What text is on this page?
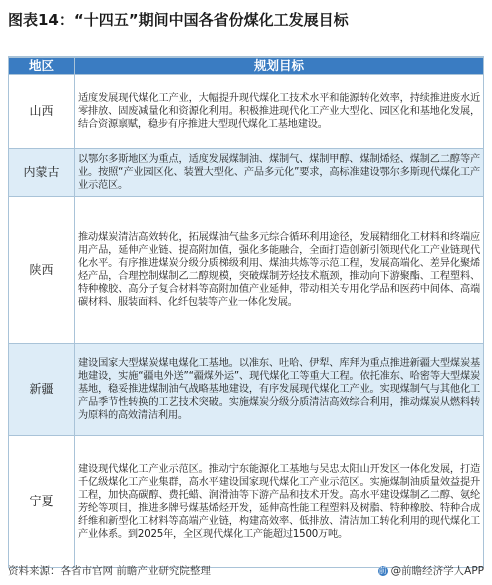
图表14：“十四五”期间中国各省份煤化工发展目标
地区	规划目标
山西	适度发展现代煤化工产业，大幅提升现代煤化工技术水平和能源转化效率，持续推进废水近零排放、固废减量化和资源化利用。积极推进现代化工产业大型化、园区化和基地化发展，结合资源禀赋，稳步有序推进大型现代煤化工基地建设。
内蒙古	以鄂尔多斯地区为重点，适度发展煤制油、煤制气、煤制甲醇、煤制烯烃、煤制乙二醇等产业。按照“产业园区化、装置大型化、产品多元化”要求，高标准建设鄂尔多斯现代煤化工产业示范区。
陕西	推动煤炭清洁高效转化，拓展煤油气盐多元综合循环利用途径，发展精细化工材料和终端应用产品，延伸产业链、提高附加值，强化多能融合，全面打造创新引领现代化工产业链现代化水平。有序推进煤炭分级分质梯级利用、煤油共炼等示范工程，发展高端化、差异化聚烯烃产品，合理控制煤制乙二醇规模，突破煤制芳烃技术瓶颈，推动向下游聚酯、工程塑料、特种橡胶、高分子复合材料等高附加值产业延伸，带动相关专用化学品和医药中间体、高端碳材料、服装面料、化纤包装等产业一体化发展。
新疆	建设国家大型煤炭煤电煤化工基地。以准东、吐哈、伊犁、库拜为重点推进新疆大型煤炭基地建设，实施“疆电外送”“疆煤外运”、现代煤化工等重大工程。依托准东、哈密等大型煤炭基地，稳妥推进煤制油气战略基地建设，有序发展现代煤化工产业。实现煤制气与其他化工产品季节性转换的工艺技术突破。实施煤炭分级分质清洁高效综合利用，推动煤炭从燃料转为原料的高效清洁利用。
宁夏	建设现代煤化工产业示范区。推动宁东能源化工基地与吴忠太阳山开发区一体化发展，打造千亿级煤化工产业集群，高水平建设国家现代煤化工产业示范区。实施煤制油质量效益提升工程，加快高碳醇、费托蜡、润滑油等下游产品和技术开发。高水平建设煤制乙二醇、氨纶芳纶等项目，推进多牌号煤基烯烃开发，延伸高性能工程塑料及树脂、特种橡胶、特种合成纤维和新型化工材料等高端产业链，构建高效率、低排放、清洁加工转化利用的现代煤化工产业体系。到2025年，全区现代煤化工产能超过1500万吨。
资料来源：各省市官网 前瞻产业研究院整理	前 @前瞻经济学人APP
